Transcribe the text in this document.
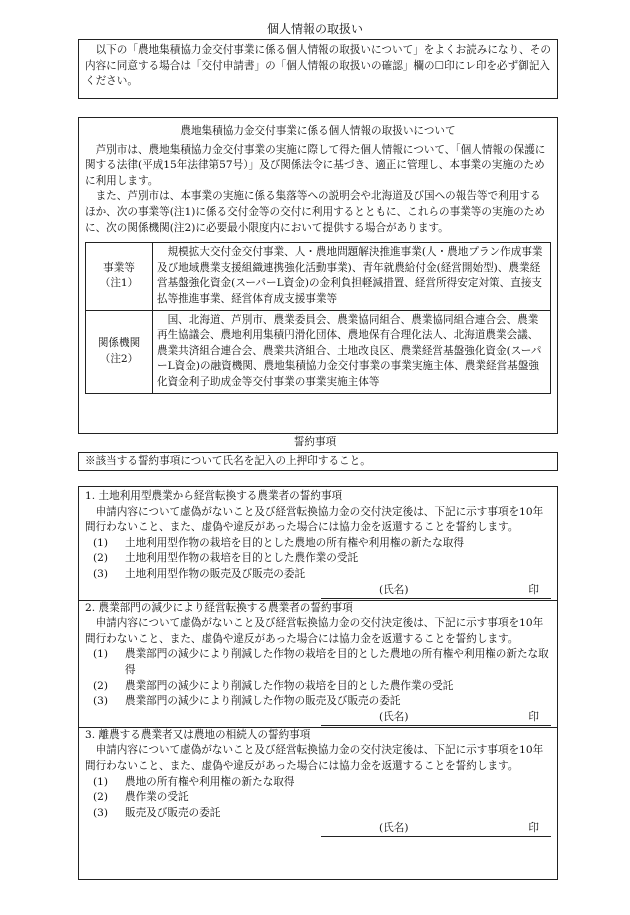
個人情報の取扱い

以下の「農地集積協力金交付事業に係る個人情報の取扱いについて」をよくお読みになり、その内容に同意する場合は「交付申請書」の「個人情報の取扱いの確認」欄の☐印にレ印を必ず御記入ください。

農地集積協力金交付事業に係る個人情報の取扱いについて

芦別市は、農地集積協力金交付事業の実施に際して得た個人情報について、「個人情報の保護に関する法律(平成15年法律第57号）」及び関係法令に基づき、適正に管理し、本事業の実施のために利用します。

また、芦別市は、本事業の実施に係る集落等への説明会や北海道及び国への報告等で利用するほか、次の事業等(注1)に係る交付金等の交付に利用するとともに、これらの事業等の実施のために、次の関係機関(注2)に必要最小限度内において提供する場合があります。

事業等
（注1）	規模拡大交付金交付事業、人・農地問題解決推進事業(人・農地プラン作成事業及び地域農業支援組織連携強化活動事業)、青年就農給付金(経営開始型)、農業経営基盤強化資金(スーパーL資金)の金利負担軽減措置、経営所得安定対策、直接支払等推進事業、経営体育成支援事業等

関係機関
（注2）	国、北海道、芦別市、農業委員会、農業協同組合、農業協同組合連合会、農業再生協議会、農地利用集積円滑化団体、農地保有合理化法人、北海道農業会議、農業共済組合連合会、農業共済組合、土地改良区、農業経営基盤強化資金(スーパーL資金)の融資機関、農地集積協力金交付事業の事業実施主体、農業経営基盤強化資金利子助成金等交付事業の事業実施主体等
誓約事項
※該当する誓約事項について氏名を記入の上押印すること。

1. 土地利用型農業から経営転換する農業者の誓約事項

申請内容について虚偽がないこと及び経営転換協力金の交付決定後は、下記に示す事項を10年間行わないこと、また、虚偽や違反があった場合には協力金を返還することを誓約します。

(1)	土地利用型作物の栽培を目的とした農地の所有権や利用権の新たな取得
(2)	土地利用型作物の栽培を目的とした農作業の受託
(3)	土地利用型作物の販売及び販売の委託
(氏名)	印

2. 農業部門の減少により経営転換する農業者の誓約事項

申請内容について虚偽がないこと及び経営転換協力金の交付決定後は、下記に示す事項を10年間行わないこと、また、虚偽や違反があった場合には協力金を返還することを誓約します。

(1)	農業部門の減少により削減した作物の栽培を目的とした農地の所有権や利用権の新たな取得
(2)	農業部門の減少により削減した作物の栽培を目的とした農作業の受託
(3)	農業部門の減少により削減した作物の販売及び販売の委託
(氏名)	印

3. 離農する農業者又は農地の相続人の誓約事項

申請内容について虚偽がないこと及び経営転換協力金の交付決定後は、下記に示す事項を10年間行わないこと、また、虚偽や違反があった場合には協力金を返還することを誓約します。

(1)	農地の所有権や利用権の新たな取得
(2)	農作業の受託
(3)	販売及び販売の委託
(氏名)	印
